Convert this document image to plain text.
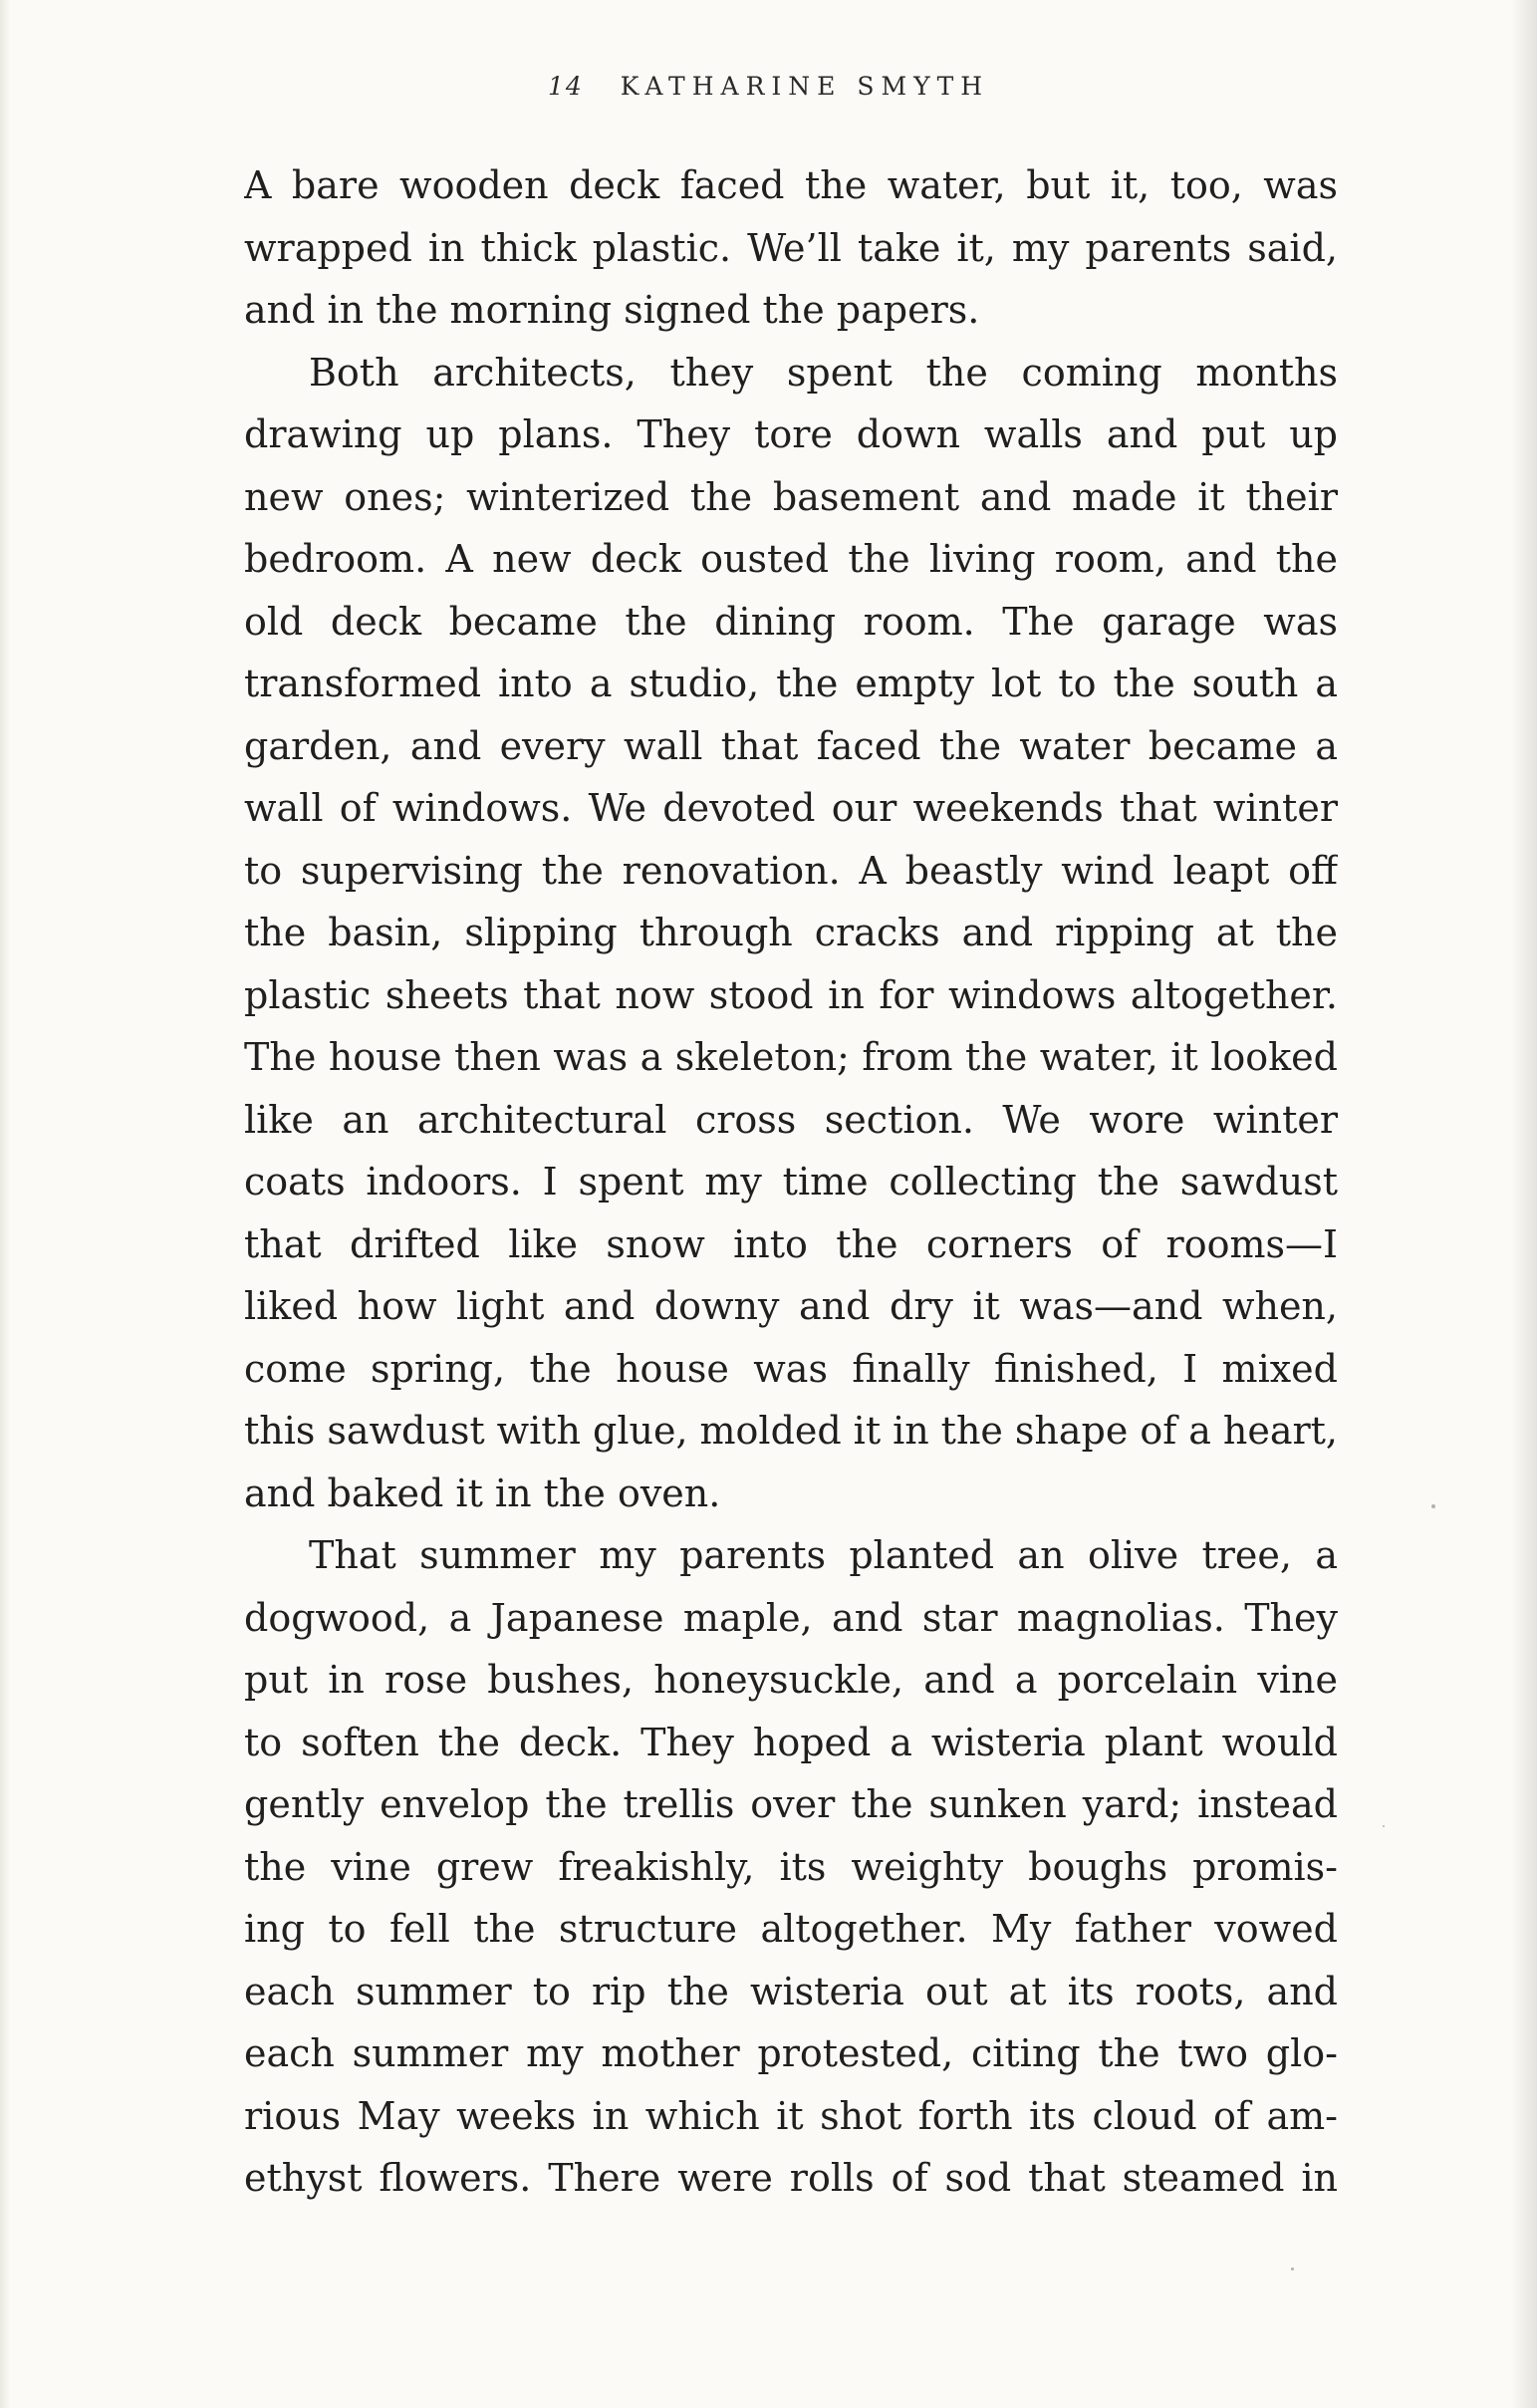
14 KATHARINE SMYTH
A bare wooden deck faced the water, but it, too, was
wrapped in thick plastic. We’ll take it, my parents said,
and in the morning signed the papers.
Both architects, they spent the coming months
drawing up plans. They tore down walls and put up
new ones; winterized the basement and made it their
bedroom. A new deck ousted the living room, and the
old deck became the dining room. The garage was
transformed into a studio, the empty lot to the south a
garden, and every wall that faced the water became a
wall of windows. We devoted our weekends that winter
to supervising the renovation. A beastly wind leapt off
the basin, slipping through cracks and ripping at the
plastic sheets that now stood in for windows altogether.
The house then was a skeleton; from the water, it looked
like an architectural cross section. We wore winter
coats indoors. I spent my time collecting the sawdust
that drifted like snow into the corners of rooms—I
liked how light and downy and dry it was—and when,
come spring, the house was finally finished, I mixed
this sawdust with glue, molded it in the shape of a heart,
and baked it in the oven.
That summer my parents planted an olive tree, a
dogwood, a Japanese maple, and star magnolias. They
put in rose bushes, honeysuckle, and a porcelain vine
to soften the deck. They hoped a wisteria plant would
gently envelop the trellis over the sunken yard; instead
the vine grew freakishly, its weighty boughs promis-
ing to fell the structure altogether. My father vowed
each summer to rip the wisteria out at its roots, and
each summer my mother protested, citing the two glo-
rious May weeks in which it shot forth its cloud of am-
ethyst flowers. There were rolls of sod that steamed in
